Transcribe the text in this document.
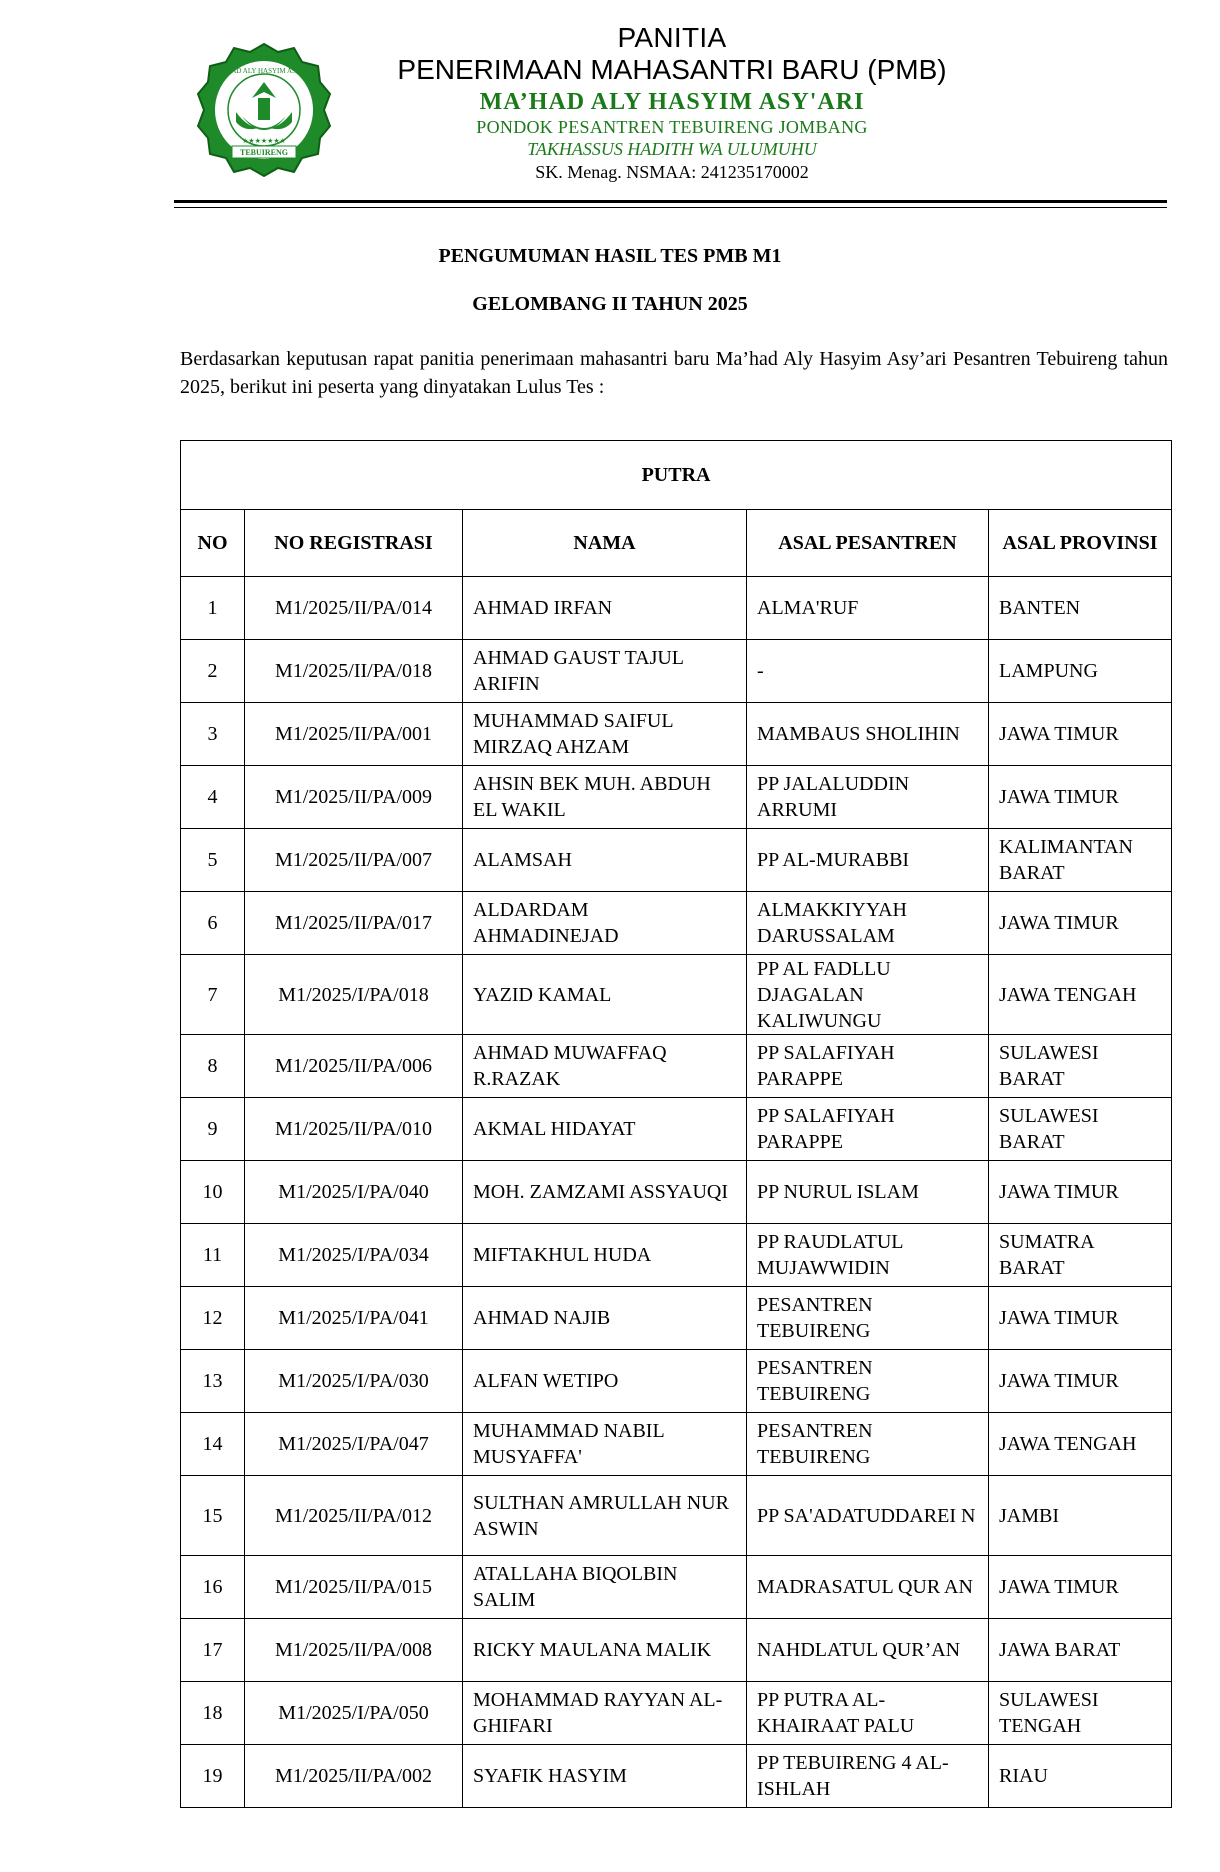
★★★★★★★
MA'HAD ALY HASYIM ASY'ARI
TEBUIRENG
PANITIA
PENERIMAAN MAHASANTRI BARU (PMB)
MA’HAD ALY HASYIM ASY'ARI
PONDOK PESANTREN TEBUIRENG JOMBANG
TAKHASSUS HADITH WA ULUMUHU
SK. Menag. NSMAA: 241235170002
PENGUMUMAN HASIL TES PMB M1
GELOMBANG II TAHUN 2025
Berdasarkan keputusan rapat panitia penerimaan mahasantri baru Ma’had Aly Hasyim Asy’ari Pesantren Tebuireng tahun 2025, berikut ini peserta yang dinyatakan Lulus Tes :
PUTRA				
NO	NO REGISTRASI	NAMA	ASAL PESANTREN	ASAL PROVINSI
1	M1/2025/II/PA/014	AHMAD IRFAN	ALMA'RUF	BANTEN
2	M1/2025/II/PA/018	AHMAD GAUST TAJUL ARIFIN	-	LAMPUNG
3	M1/2025/II/PA/001	MUHAMMAD SAIFUL MIRZAQ AHZAM	MAMBAUS SHOLIHIN	JAWA TIMUR
4	M1/2025/II/PA/009	AHSIN BEK MUH. ABDUH EL WAKIL	PP JALALUDDIN ARRUMI	JAWA TIMUR
5	M1/2025/II/PA/007	ALAMSAH	PP AL-MURABBI	KALIMANTAN BARAT
6	M1/2025/II/PA/017	ALDARDAM AHMADINEJAD	ALMAKKIYYAH DARUSSALAM	JAWA TIMUR
7	M1/2025/I/PA/018	YAZID KAMAL	PP AL FADLLU DJAGALAN KALIWUNGU	JAWA TENGAH
8	M1/2025/II/PA/006	AHMAD MUWAFFAQ R.RAZAK	PP SALAFIYAH PARAPPE	SULAWESI BARAT
9	M1/2025/II/PA/010	AKMAL HIDAYAT	PP SALAFIYAH PARAPPE	SULAWESI BARAT
10	M1/2025/I/PA/040	MOH. ZAMZAMI ASSYAUQI	PP NURUL ISLAM	JAWA TIMUR
11	M1/2025/I/PA/034	MIFTAKHUL HUDA	PP RAUDLATUL MUJAWWIDIN	SUMATRA BARAT
12	M1/2025/I/PA/041	AHMAD NAJIB	PESANTREN TEBUIRENG	JAWA TIMUR
13	M1/2025/I/PA/030	ALFAN WETIPO	PESANTREN TEBUIRENG	JAWA TIMUR
14	M1/2025/I/PA/047	MUHAMMAD NABIL MUSYAFFA'	PESANTREN TEBUIRENG	JAWA TENGAH
15	M1/2025/II/PA/012	SULTHAN AMRULLAH NUR ASWIN	PP SA'ADATUDDAREI N	JAMBI
16	M1/2025/II/PA/015	ATALLAHA BIQOLBIN SALIM	MADRASATUL QUR AN	JAWA TIMUR
17	M1/2025/II/PA/008	RICKY MAULANA MALIK	NAHDLATUL QUR’AN	JAWA BARAT
18	M1/2025/I/PA/050	MOHAMMAD RAYYAN AL-GHIFARI	PP PUTRA AL-KHAIRAAT PALU	SULAWESI TENGAH
19	M1/2025/II/PA/002	SYAFIK HASYIM	PP TEBUIRENG 4 AL-ISHLAH	RIAU
